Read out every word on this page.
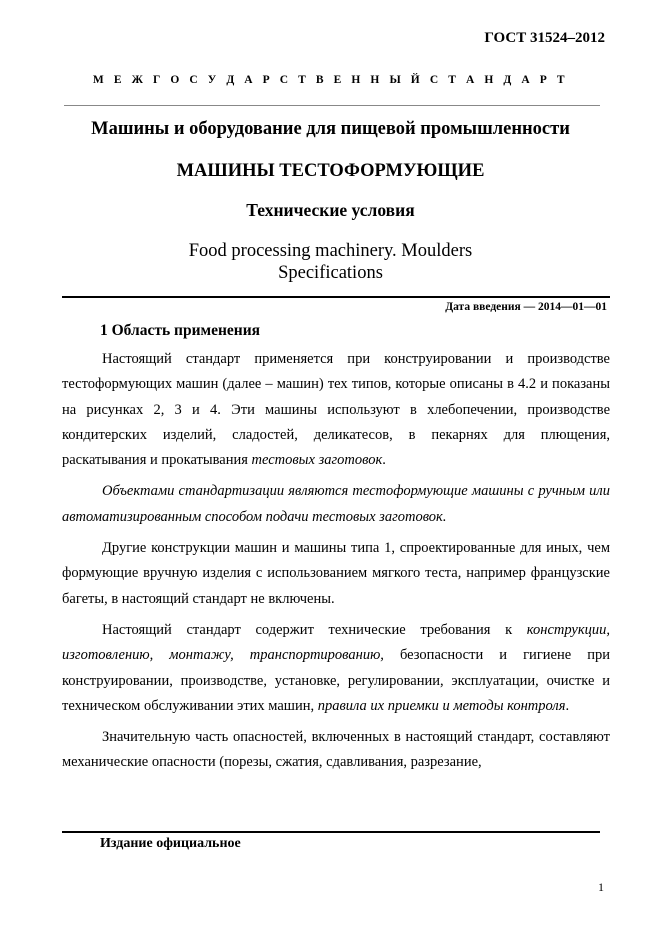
ГОСТ 31524–2012
М Е Ж Г О С У Д А Р С Т В Е Н Н Ы Й С Т А Н Д А Р Т
Машины и оборудование для пищевой промышленности
МАШИНЫ ТЕСТОФОРМУЮЩИЕ
Технические условия
Food processing machinery. Moulders
Specifications
Дата введения — 2014—01—01
1 Область применения

Настоящий стандарт применяется при конструировании и производстве тестоформующих машин (далее – машин) тех типов, которые описаны в 4.2 и показаны на рисунках 2, 3 и 4. Эти машины используют в хлебопечении, производстве кондитерских изделий, сладостей, деликатесов, в пекарнях для плющения, раскатывания и прокатывания тестовых заготовок.

Объектами стандартизации являются тестоформующие машины с ручным или автоматизированным способом подачи тестовых заготовок.

Другие конструкции машин и машины типа 1, спроектированные для иных, чем формующие вручную изделия с использованием мягкого теста, например французские багеты, в настоящий стандарт не включены.

Настоящий стандарт содержит технические требования к конструкции, изготовлению, монтажу, транспортированию, безопасности и гигиене при конструировании, производстве, установке, регулировании, эксплуатации, очистке и техническом обслуживании этих машин, правила их приемки и методы контроля.

Значительную часть опасностей, включенных в настоящий стандарт, составляют механические опасности (порезы, сжатия, сдавливания, разрезание,

Издание официальное
1
